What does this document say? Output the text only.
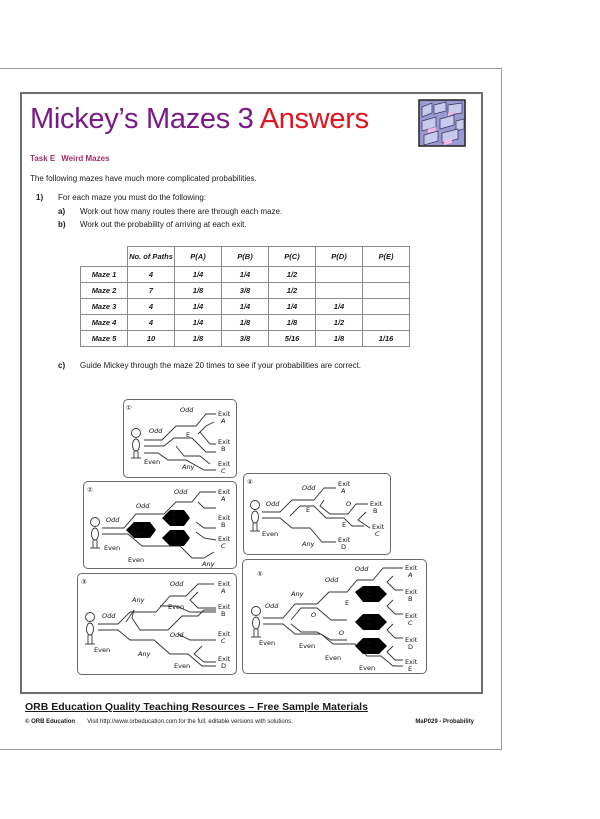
Mickey’s Mazes 3 Answers
Task E Weird Mazes
The following mazes have much more complicated probabilities.
1) For each maze you must do the following:
a) Work out how many routes there are through each maze.
b) Work out the probability of arriving at each exit.
	No. of Paths	P(A)	P(B)	P(C)	P(D)	P(E)
Maze 1	4	1/4	1/4	1/2		
Maze 2	7	1/8	3/8	1/2		
Maze 3	4	1/4	1/4	1/4	1/4	
Maze 4	4	1/4	1/8	1/8	1/2	
Maze 5	10	1/8	3/8	5/16	1/8	1/16
c) Guide Mickey through the maze 20 times to see if your probabilities are correct.
①
Odd
Odd
E
Even
Any
Exit
A
Exit
B
Exit
C
②
Odd
Odd
Odd
E
O
E
O
E
Even
Even	Any
Exit
A
Exit
B
Exit
C
③
Odd
Any
Odd
Even
Odd
Even	Any
Even
Exit
A
Exit
B
Exit
C
Exit
D
④
Odd
Odd
O
E
E
Even
Any
Exit
A
Exit
B
Exit
C
Exit
D
⑤
Odd
Any
Odd
Odd
E
O
E
O
E
O
O
E
O
Even	Even
Even
Even
Exit
A
Exit
B
Exit
C
Exit
D
Exit
E
ORB Education Quality Teaching Resources – Free Sample Materials
© ORB Education Visit http://www.orbeducation.com for the full, editable versions with solutions.	MaP029 - Probability
